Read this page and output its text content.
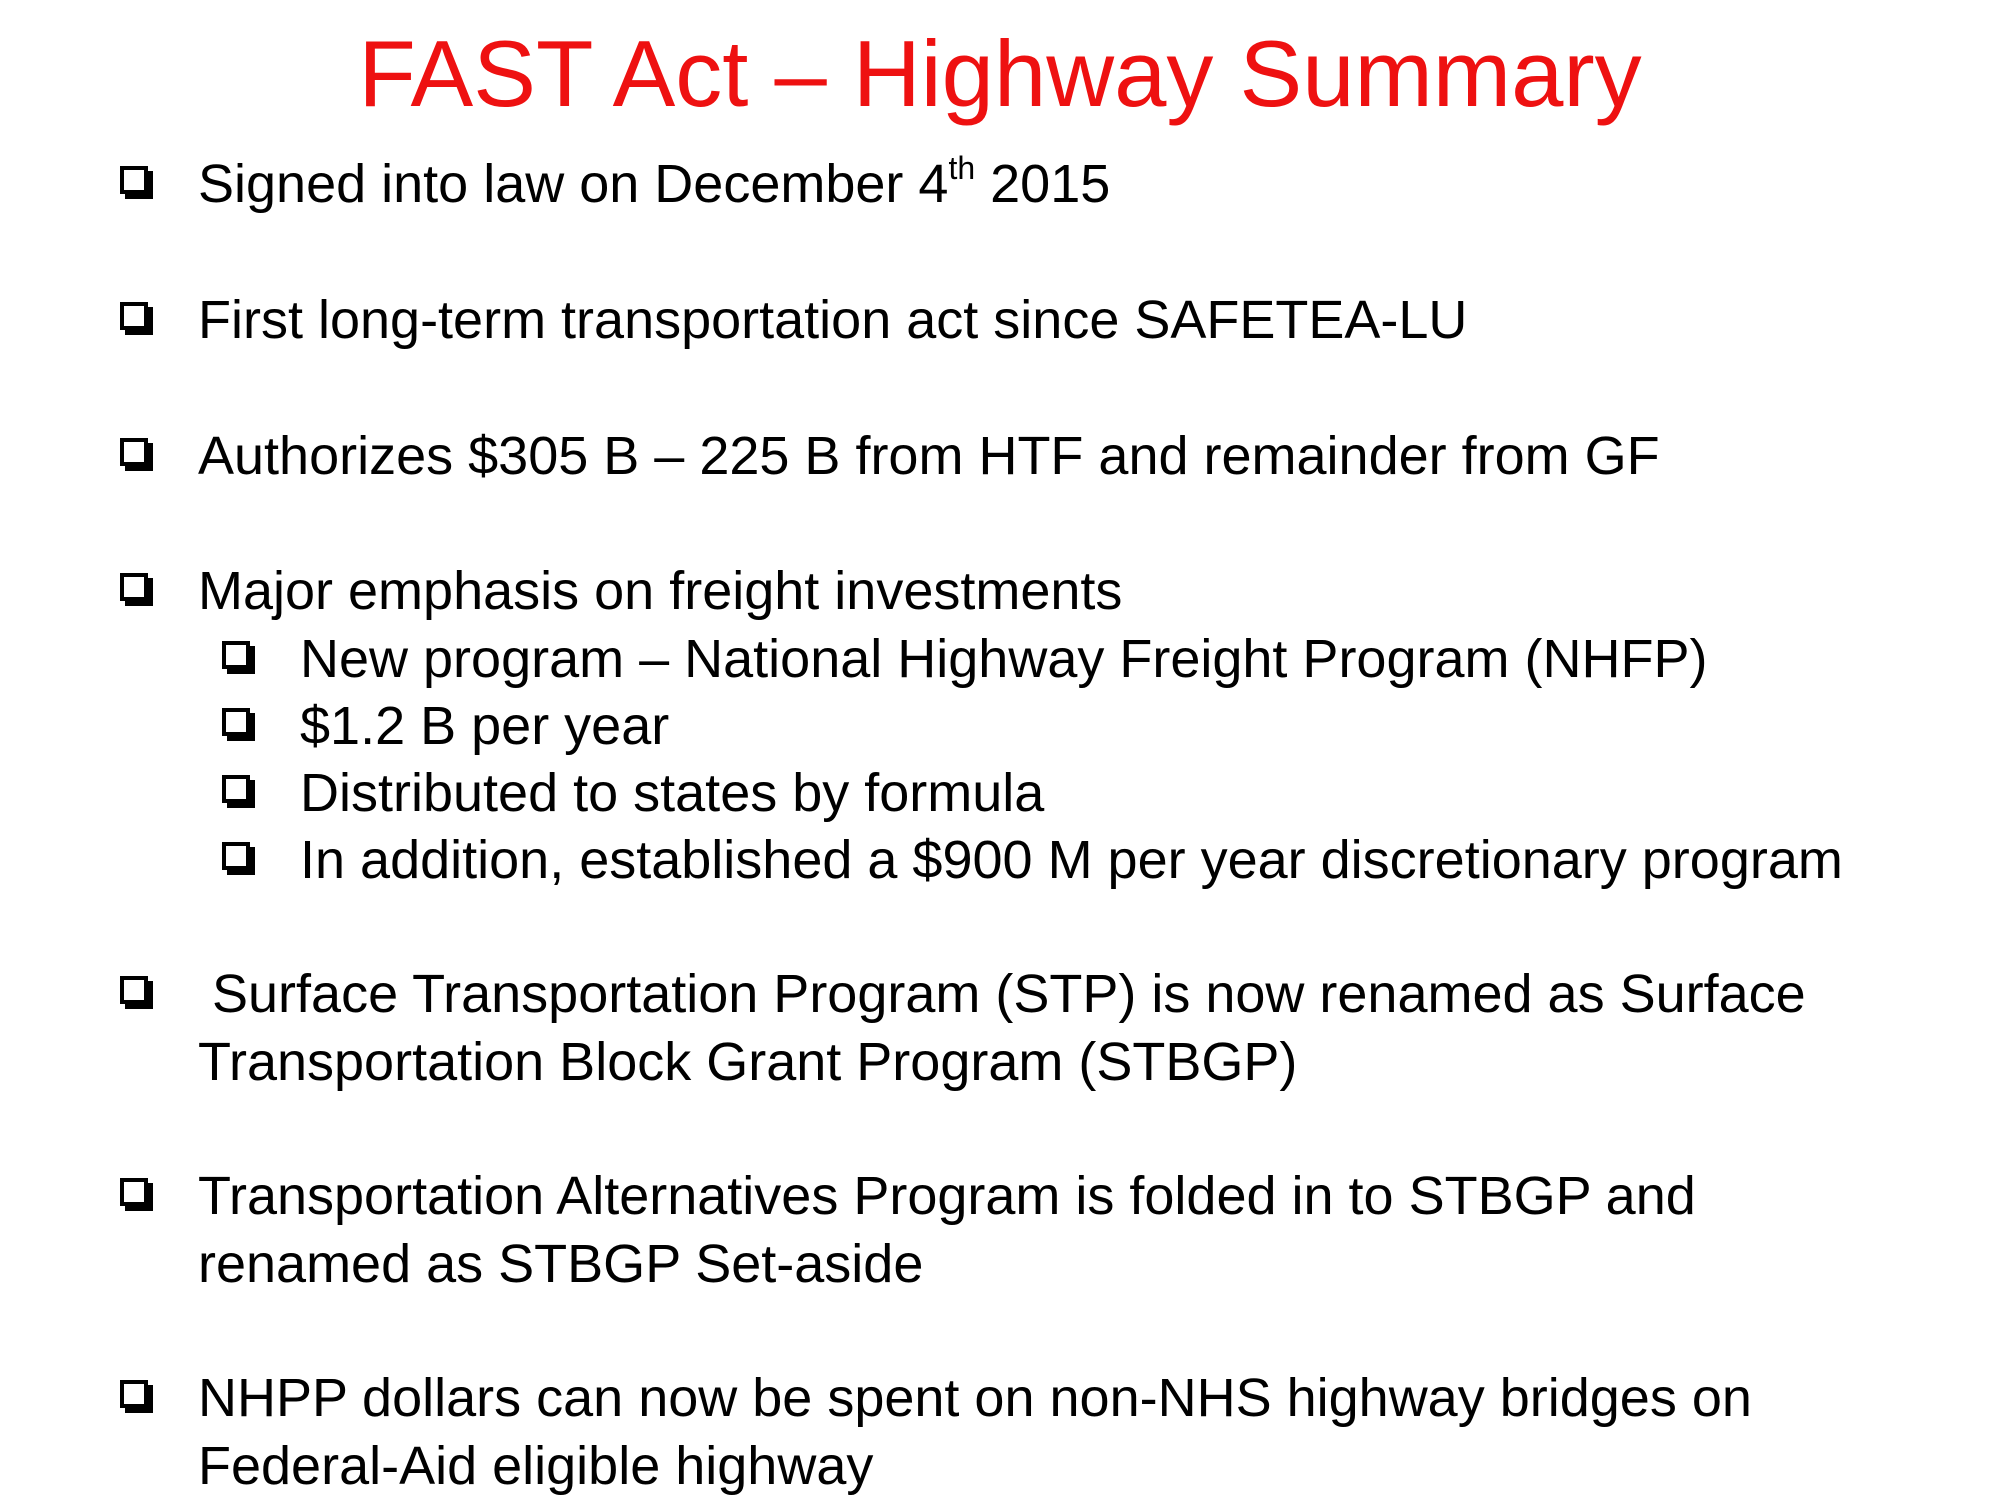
FAST Act – Highway Summary
Signed into law on December 4th 2015
First long-term transportation act since SAFETEA-LU
Authorizes $305 B – 225 B from HTF and remainder from GF
Major emphasis on freight investments
New program – National Highway Freight Program (NHFP)
$1.2 B per year
Distributed to states by formula
In addition, established a $900 M per year discretionary program
Surface Transportation Program (STP) is now renamed as Surface
Transportation Block Grant Program (STBGP)
Transportation Alternatives Program is folded in to STBGP and
renamed as STBGP Set-aside
NHPP dollars can now be spent on non-NHS highway bridges on
Federal-Aid eligible highway
